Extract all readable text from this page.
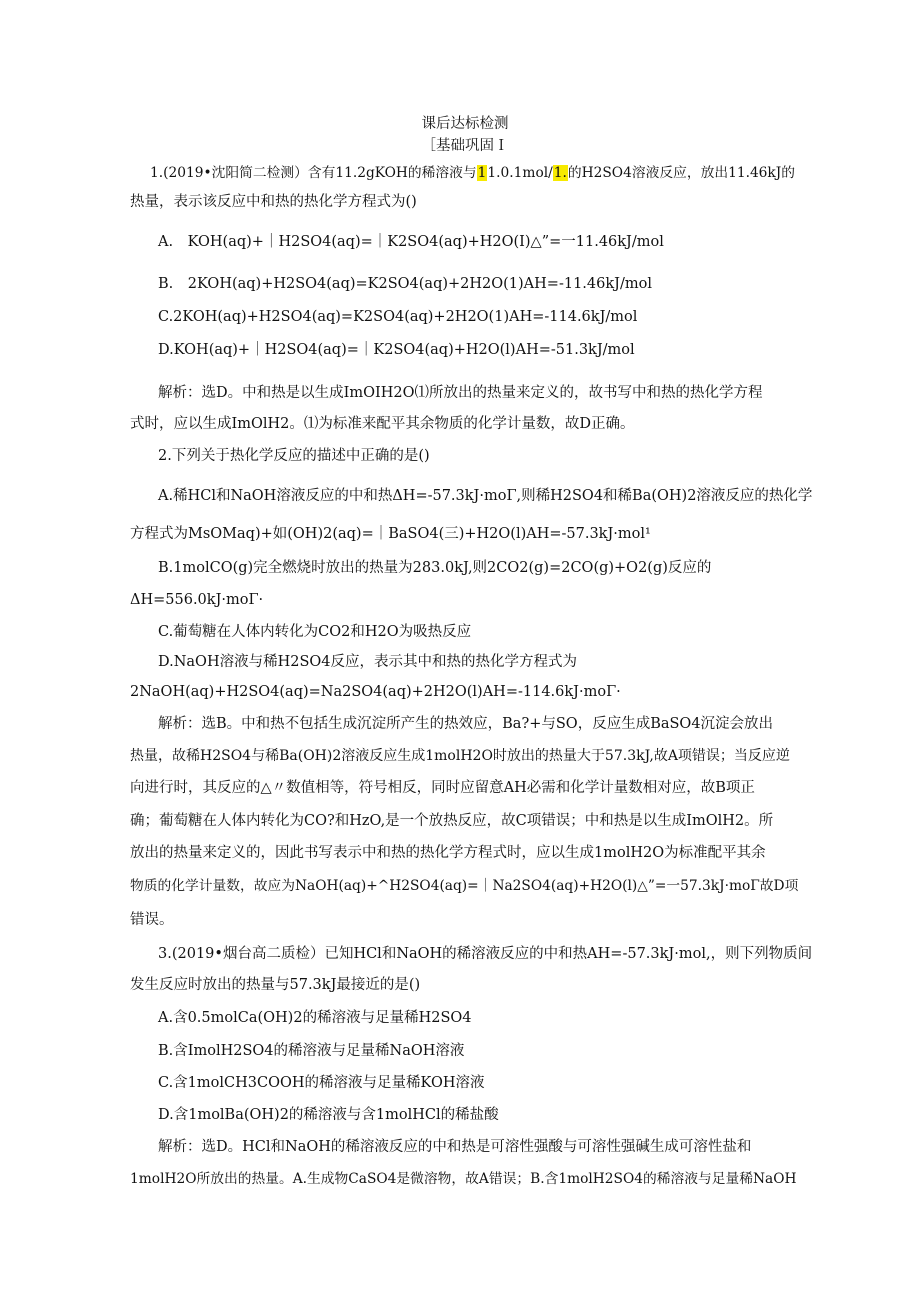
课后达标检测
［基础巩固Ｉ
1.(2019•沈阳简二检测）含有11.2gKOH的稀溶液与11.0.1mol/1.的H2SO4溶液反应，放出11.46kJ的
热量，表示该反应中和热的热化学方程式为()
A.　KOH(aq)+｜H2SO4(aq)=｜K2SO4(aq)+H2O(I)△”=一11.46kJ/mol
B.　2KOH(aq)+H2SO4(aq)=K2SO4(aq)+2H2O(1)AH=-11.46kJ/mol
C.2KOH(aq)+H2SO4(aq)=K2SO4(aq)+2H2O(1)AH=-114.6kJ/mol
D.KOH(aq)+｜H2SO4(aq)=｜K2SO4(aq)+H2O(l)AH=-51.3kJ/mol
解析：选D。中和热是以生成ImOIH2O⑴所放出的热量来定义的，故书写中和热的热化学方程
式时，应以生成ImOlH2。⑴为标准来配平其余物质的化学计量数，故D正确。
2.下列关于热化学反应的描述中正确的是()
A.稀HCl和NaOH溶液反应的中和热ΔH=-57.3kJ·moΓ,则稀H2SO4和稀Ba(OH)2溶液反应的热化学
方程式为MsOMaq)+如(OH)2(aq)=｜BaSO4(三)+H2O(l)AH=-57.3kJ·mol¹
B.1molCO(g)完全燃烧时放出的热量为283.0kJ,则2CO2(g)=2CO(g)+O2(g)反应的
ΔH=556.0kJ·moΓ·
C.葡萄糖在人体内转化为CO2和H2O为吸热反应
D.NaOH溶液与稀H2SO4反应，表示其中和热的热化学方程式为
2NaOH(aq)+H2SO4(aq)=Na2SO4(aq)+2H2O(l)AH=-114.6kJ·moΓ·
解析：选B。中和热不包括生成沉淀所产生的热效应，Ba?+与SO，反应生成BaSO4沉淀会放出
热量，故稀H2SO4与稀Ba(OH)2溶液反应生成1molH2O时放出的热量大于57.3kJ,故A项错误；当反应逆
向进行时，其反应的△〃数值相等，符号相反，同时应留意AH必需和化学计量数相对应，故B项正
确；葡萄糖在人体内转化为CO?和HzO,是一个放热反应，故C项错误；中和热是以生成ImOlH2。所
放出的热量来定义的，因此书写表示中和热的热化学方程式时，应以生成1molH2O为标准配平其余
物质的化学计量数，故应为NaOH(aq)+^H2SO4(aq)=｜Na2SO4(aq)+H2O(l)△”=一57.3kJ·moΓ故D项
错误。
3.(2019•烟台高二质检）已知HCl和NaOH的稀溶液反应的中和热AH=-57.3kJ·mol,，则下列物质间
发生反应时放出的热量与57.3kJ最接近的是()
A.含0.5molCa(OH)2的稀溶液与足量稀H2SO4
B.含ImolH2SO4的稀溶液与足量稀NaOH溶液
C.含1molCH3COOH的稀溶液与足量稀KOH溶液
D.含1molBa(OH)2的稀溶液与含1molHCl的稀盐酸
解析：选D。HCl和NaOH的稀溶液反应的中和热是可溶性强酸与可溶性强碱生成可溶性盐和
1molH2O所放出的热量。A.生成物CaSO4是微溶物，故A错误；B.含1molH2SO4的稀溶液与足量稀NaOH
